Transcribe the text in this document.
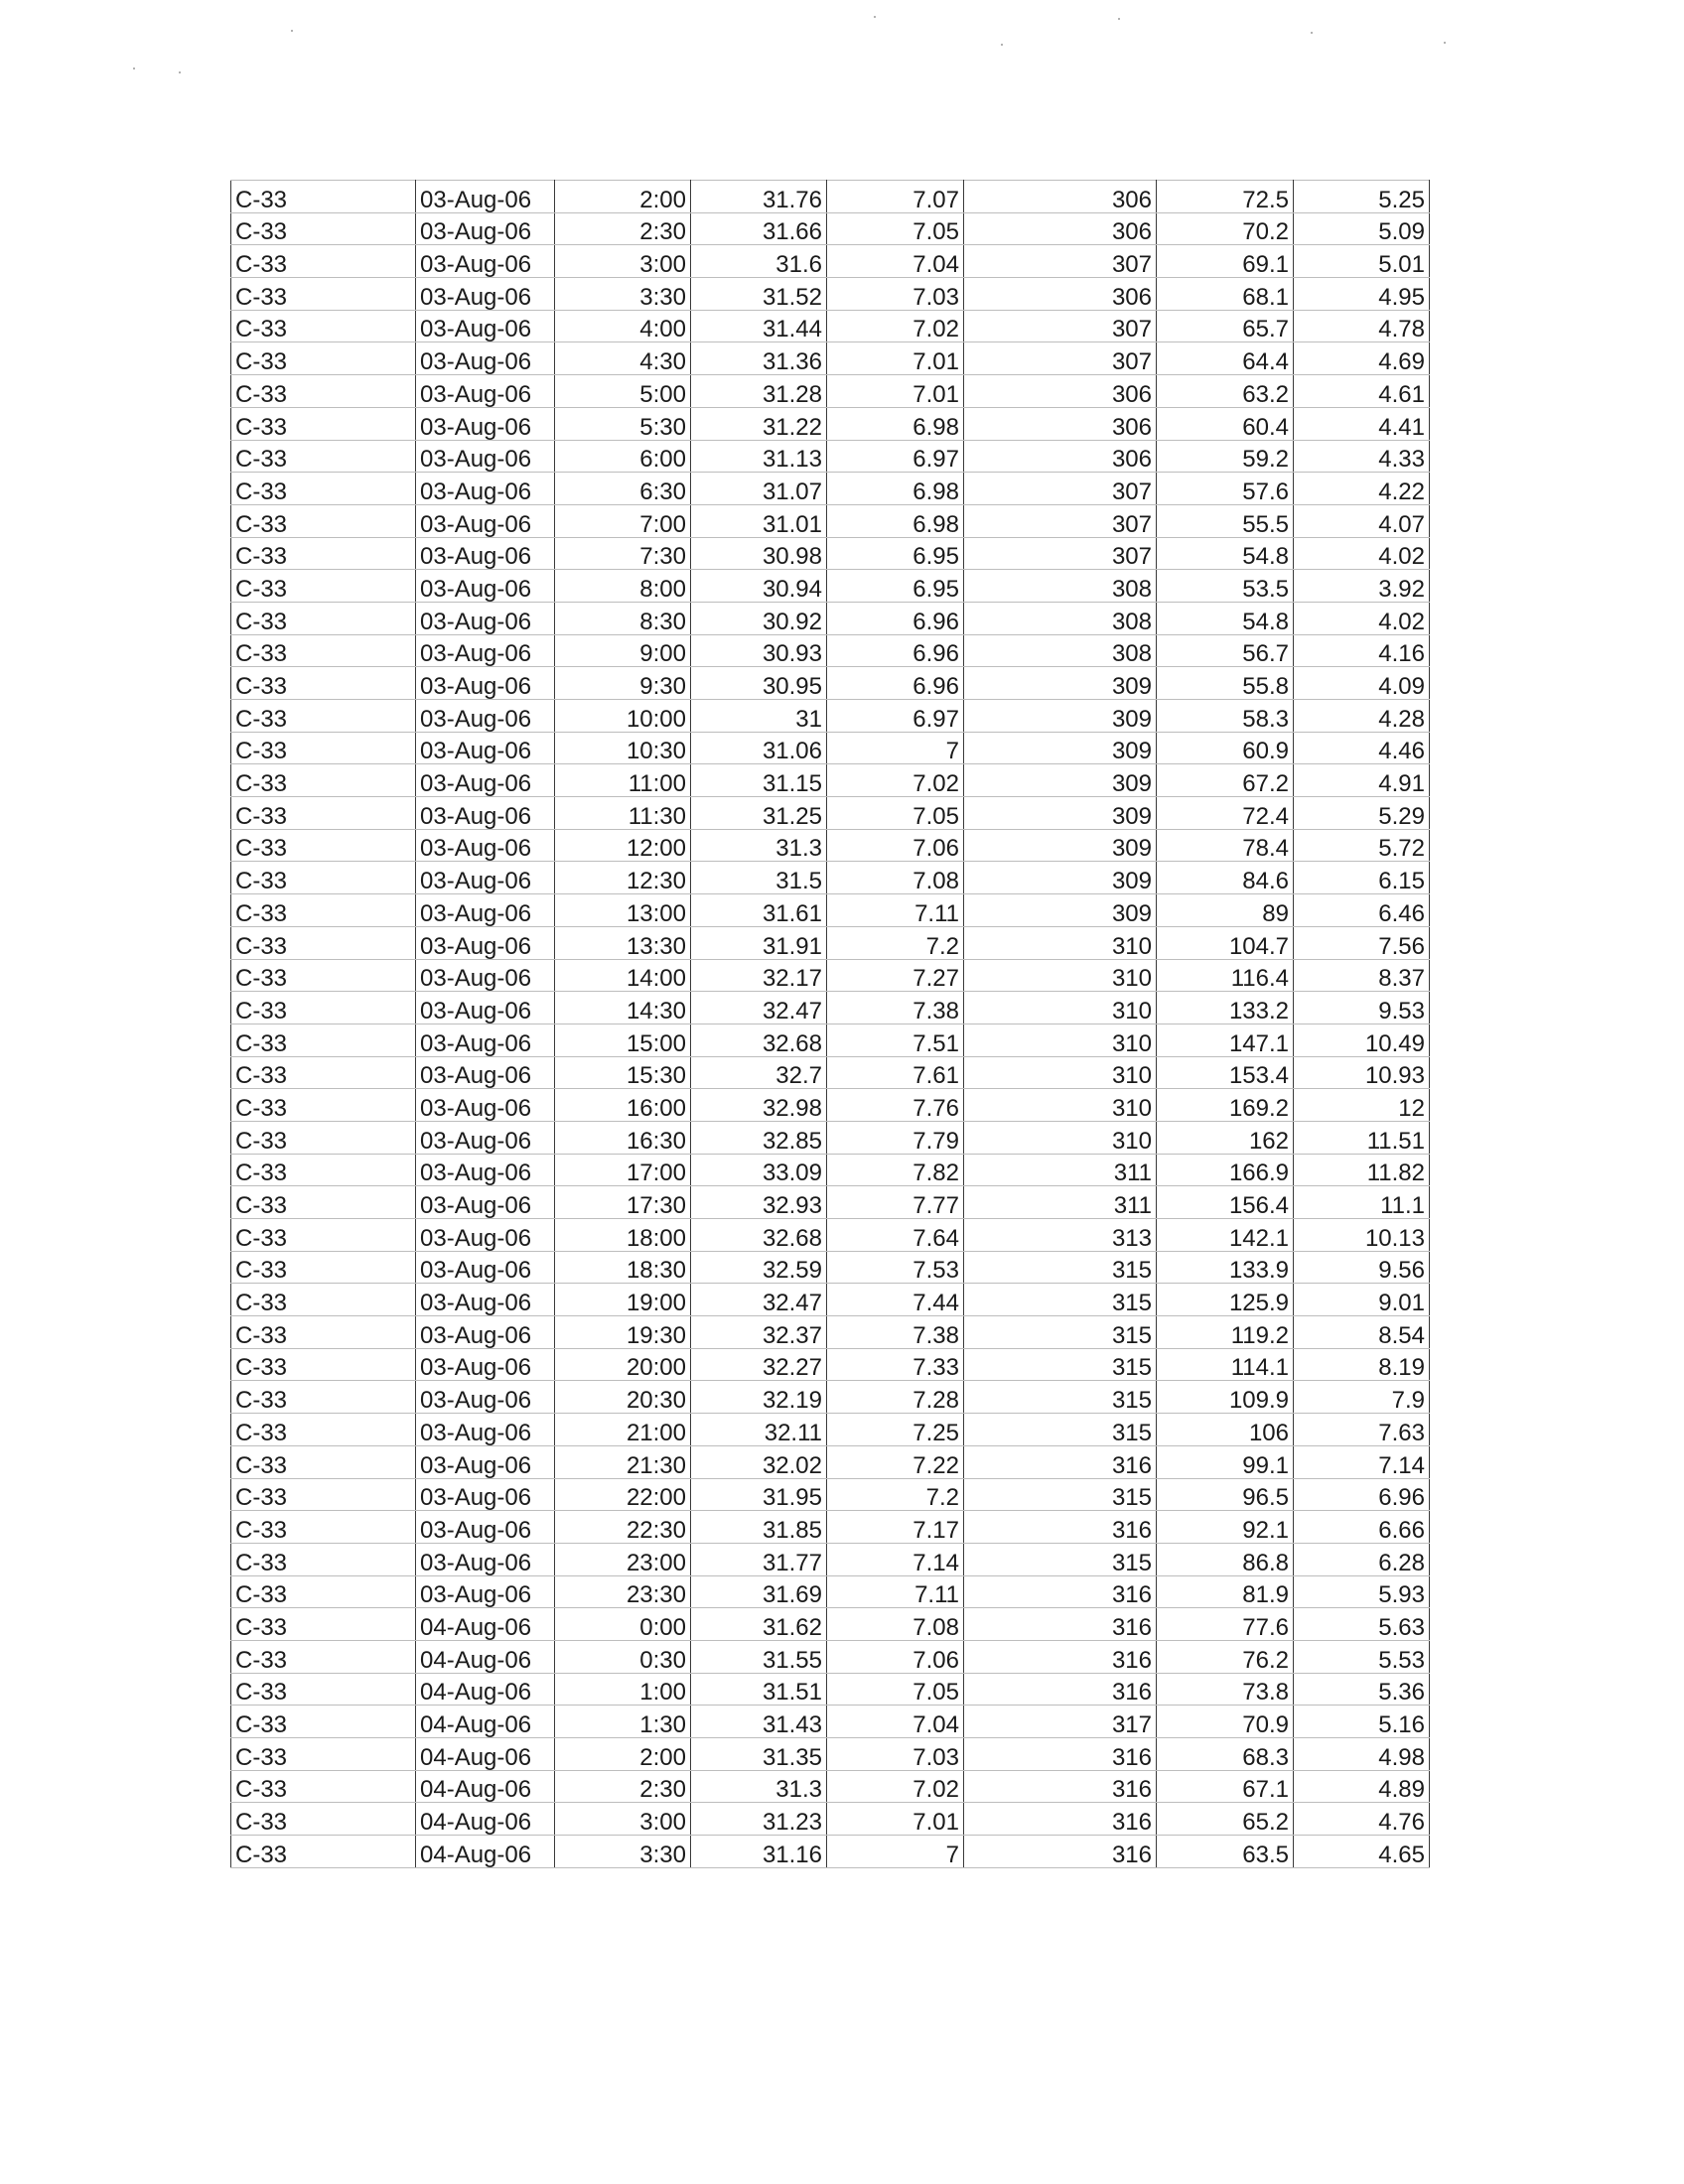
C-33	03-Aug-06	2:00	31.76	7.07	306	72.5	5.25
C-33	03-Aug-06	2:30	31.66	7.05	306	70.2	5.09
C-33	03-Aug-06	3:00	31.6	7.04	307	69.1	5.01
C-33	03-Aug-06	3:30	31.52	7.03	306	68.1	4.95
C-33	03-Aug-06	4:00	31.44	7.02	307	65.7	4.78
C-33	03-Aug-06	4:30	31.36	7.01	307	64.4	4.69
C-33	03-Aug-06	5:00	31.28	7.01	306	63.2	4.61
C-33	03-Aug-06	5:30	31.22	6.98	306	60.4	4.41
C-33	03-Aug-06	6:00	31.13	6.97	306	59.2	4.33
C-33	03-Aug-06	6:30	31.07	6.98	307	57.6	4.22
C-33	03-Aug-06	7:00	31.01	6.98	307	55.5	4.07
C-33	03-Aug-06	7:30	30.98	6.95	307	54.8	4.02
C-33	03-Aug-06	8:00	30.94	6.95	308	53.5	3.92
C-33	03-Aug-06	8:30	30.92	6.96	308	54.8	4.02
C-33	03-Aug-06	9:00	30.93	6.96	308	56.7	4.16
C-33	03-Aug-06	9:30	30.95	6.96	309	55.8	4.09
C-33	03-Aug-06	10:00	31	6.97	309	58.3	4.28
C-33	03-Aug-06	10:30	31.06	7	309	60.9	4.46
C-33	03-Aug-06	11:00	31.15	7.02	309	67.2	4.91
C-33	03-Aug-06	11:30	31.25	7.05	309	72.4	5.29
C-33	03-Aug-06	12:00	31.3	7.06	309	78.4	5.72
C-33	03-Aug-06	12:30	31.5	7.08	309	84.6	6.15
C-33	03-Aug-06	13:00	31.61	7.11	309	89	6.46
C-33	03-Aug-06	13:30	31.91	7.2	310	104.7	7.56
C-33	03-Aug-06	14:00	32.17	7.27	310	116.4	8.37
C-33	03-Aug-06	14:30	32.47	7.38	310	133.2	9.53
C-33	03-Aug-06	15:00	32.68	7.51	310	147.1	10.49
C-33	03-Aug-06	15:30	32.7	7.61	310	153.4	10.93
C-33	03-Aug-06	16:00	32.98	7.76	310	169.2	12
C-33	03-Aug-06	16:30	32.85	7.79	310	162	11.51
C-33	03-Aug-06	17:00	33.09	7.82	311	166.9	11.82
C-33	03-Aug-06	17:30	32.93	7.77	311	156.4	11.1
C-33	03-Aug-06	18:00	32.68	7.64	313	142.1	10.13
C-33	03-Aug-06	18:30	32.59	7.53	315	133.9	9.56
C-33	03-Aug-06	19:00	32.47	7.44	315	125.9	9.01
C-33	03-Aug-06	19:30	32.37	7.38	315	119.2	8.54
C-33	03-Aug-06	20:00	32.27	7.33	315	114.1	8.19
C-33	03-Aug-06	20:30	32.19	7.28	315	109.9	7.9
C-33	03-Aug-06	21:00	32.11	7.25	315	106	7.63
C-33	03-Aug-06	21:30	32.02	7.22	316	99.1	7.14
C-33	03-Aug-06	22:00	31.95	7.2	315	96.5	6.96
C-33	03-Aug-06	22:30	31.85	7.17	316	92.1	6.66
C-33	03-Aug-06	23:00	31.77	7.14	315	86.8	6.28
C-33	03-Aug-06	23:30	31.69	7.11	316	81.9	5.93
C-33	04-Aug-06	0:00	31.62	7.08	316	77.6	5.63
C-33	04-Aug-06	0:30	31.55	7.06	316	76.2	5.53
C-33	04-Aug-06	1:00	31.51	7.05	316	73.8	5.36
C-33	04-Aug-06	1:30	31.43	7.04	317	70.9	5.16
C-33	04-Aug-06	2:00	31.35	7.03	316	68.3	4.98
C-33	04-Aug-06	2:30	31.3	7.02	316	67.1	4.89
C-33	04-Aug-06	3:00	31.23	7.01	316	65.2	4.76
C-33	04-Aug-06	3:30	31.16	7	316	63.5	4.65
